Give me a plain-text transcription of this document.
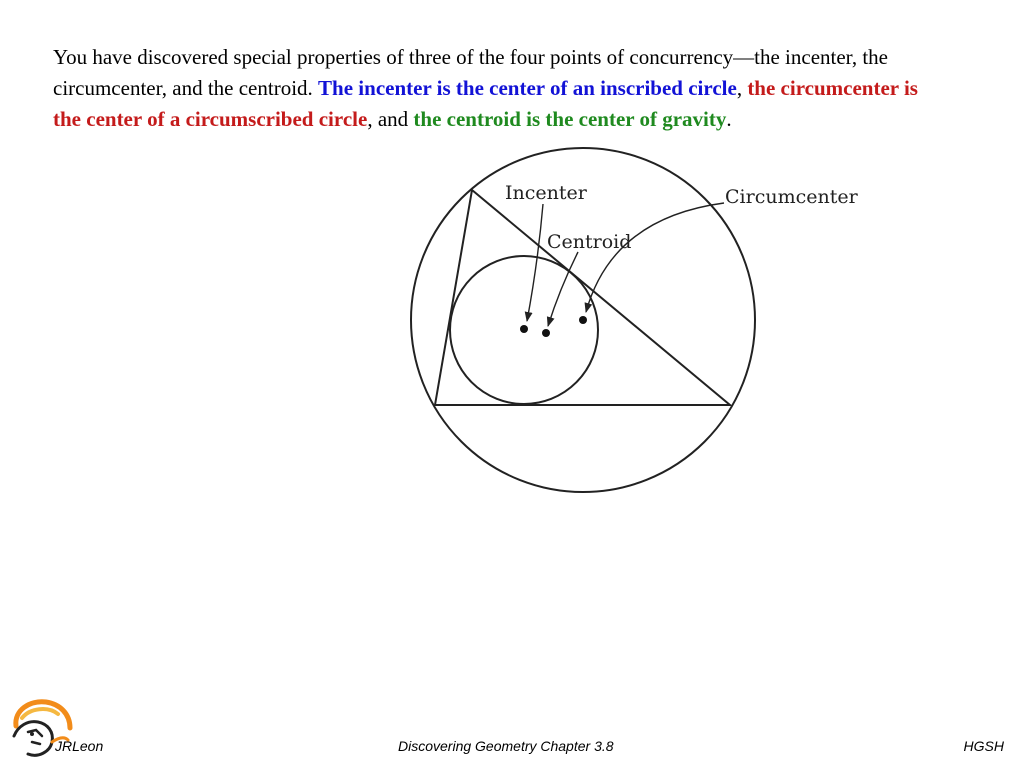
You have discovered special properties of three of the four points of concurrency—the incenter, the circumcenter, and the centroid. The incenter is the center of an inscribed circle, the circumcenter is the center of a circumscribed circle, and the centroid is the center of gravity.

Incenter
Centroid
Circumcenter
JRLeon	Discovering Geometry Chapter 3.8	HGSH
